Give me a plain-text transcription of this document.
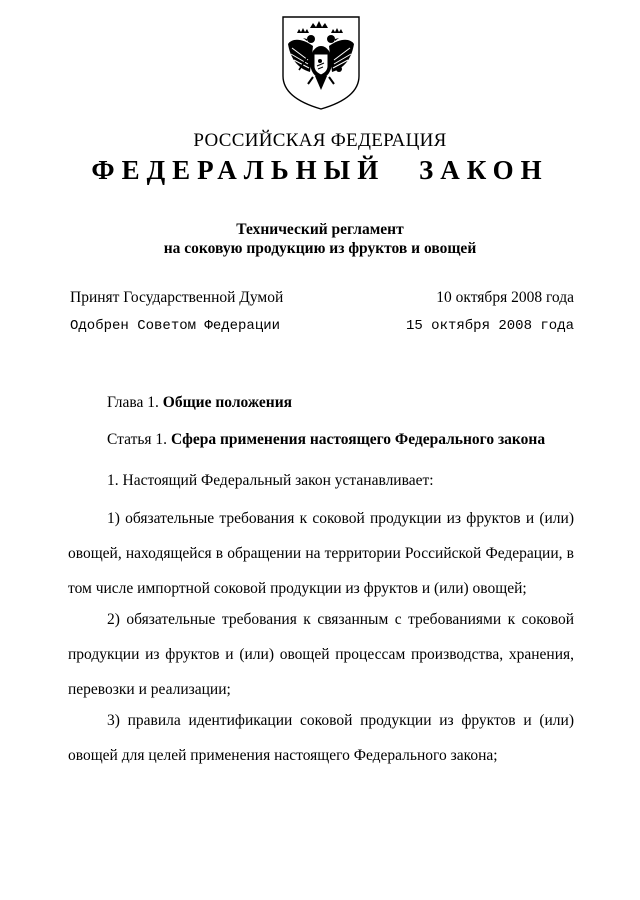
РОССИЙСКАЯ ФЕДЕРАЦИЯ
ФЕДЕРАЛЬНЫЙ ЗАКОН
Технический регламент
на соковую продукцию из фруктов и овощей
Принят Государственной Думой	10 октября 2008 года
Одобрен Советом Федерации	15 октября 2008 года
Глава 1. Общие положения
Статья 1. Сфера применения настоящего Федерального закона
1. Настоящий Федеральный закон устанавливает:
1) обязательные требования к соковой продукции из фруктов и (или) овощей, находящейся в обращении на территории Российской Федерации, в том числе импортной соковой продукции из фруктов и (или) овощей;
2) обязательные требования к связанным с требованиями к соковой продукции из фруктов и (или) овощей процессам производства, хранения, перевозки и реализации;
3) правила идентификации соковой продукции из фруктов и (или) овощей для целей применения настоящего Федерального закона;
